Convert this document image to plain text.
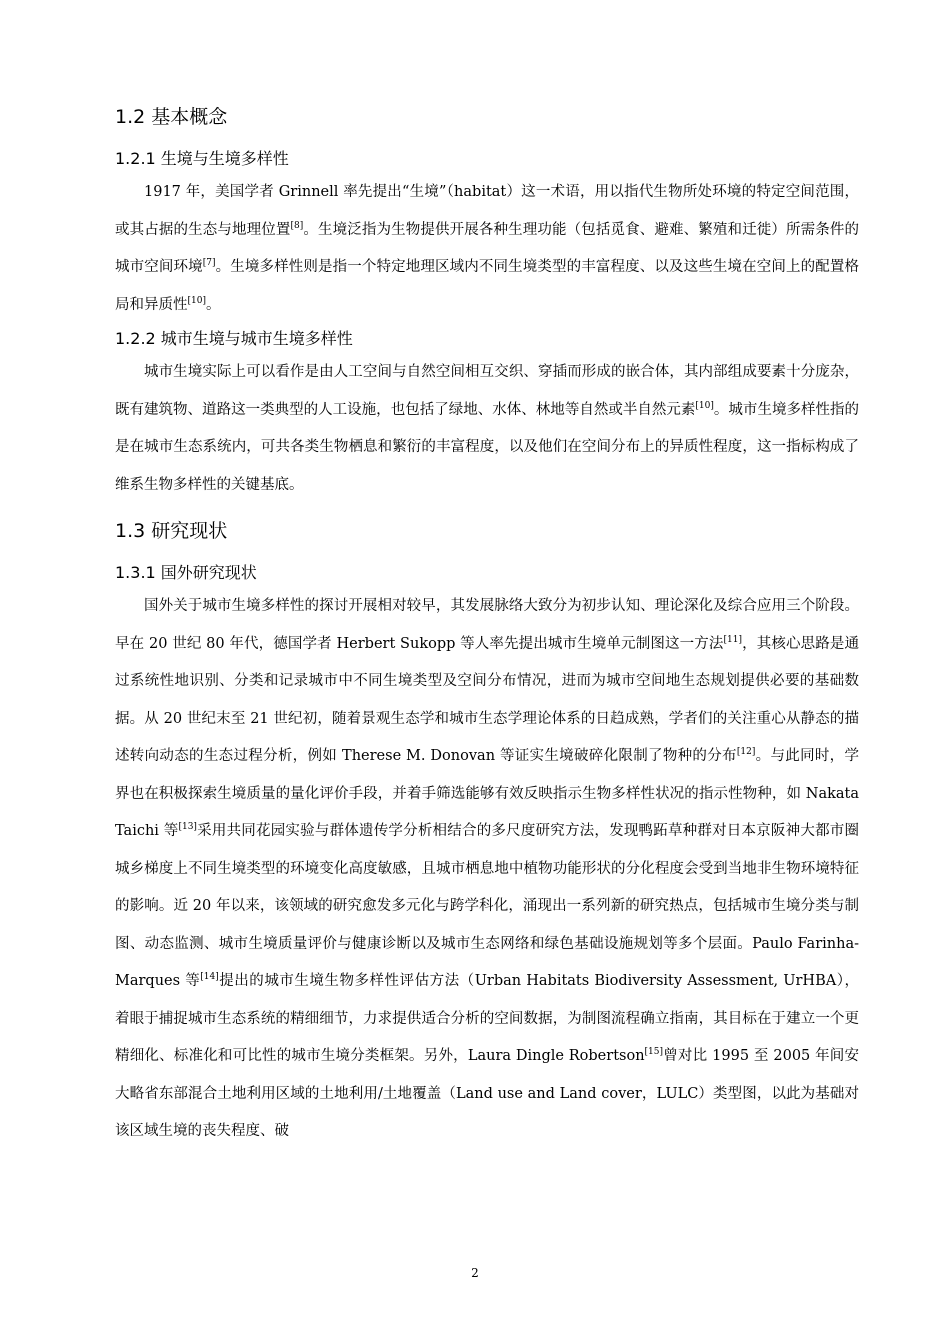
1.2 基本概念
1.2.1 生境与生境多样性

1917 年，美国学者 Grinnell 率先提出“生境”（habitat）这一术语，用以指代生物所处环境的特定空间范围，或其占据的生态与地理位置[8]。生境泛指为生物提供开展各种生理功能（包括觅食、避难、繁殖和迁徙）所需条件的城市空间环境[7]。生境多样性则是指一个特定地理区域内不同生境类型的丰富程度、以及这些生境在空间上的配置格局和异质性[10]。

1.2.2 城市生境与城市生境多样性

城市生境实际上可以看作是由人工空间与自然空间相互交织、穿插而形成的嵌合体，其内部组成要素十分庞杂，既有建筑物、道路这一类典型的人工设施，也包括了绿地、水体、林地等自然或半自然元素[10]。城市生境多样性指的是在城市生态系统内，可共各类生物栖息和繁衍的丰富程度，以及他们在空间分布上的异质性程度，这一指标构成了维系生物多样性的关键基底。

1.3 研究现状
1.3.1 国外研究现状

国外关于城市生境多样性的探讨开展相对较早，其发展脉络大致分为初步认知、理论深化及综合应用三个阶段。早在 20 世纪 80 年代，德国学者 Herbert Sukopp 等人率先提出城市生境单元制图这一方法[11]，其核心思路是通过系统性地识别、分类和记录城市中不同生境类型及空间分布情况，进而为城市空间地生态规划提供必要的基础数据。从 20 世纪末至 21 世纪初，随着景观生态学和城市生态学理论体系的日趋成熟，学者们的关注重心从静态的描述转向动态的生态过程分析，例如 Therese M. Donovan 等证实生境破碎化限制了物种的分布[12]。与此同时，学界也在积极探索生境质量的量化评价手段，并着手筛选能够有效反映指示生物多样性状况的指示性物种，如 Nakata Taichi 等[13]采用共同花园实验与群体遗传学分析相结合的多尺度研究方法，发现鸭跖草种群对日本京阪神大都市圈城乡梯度上不同生境类型的环境变化高度敏感，且城市栖息地中植物功能形状的分化程度会受到当地非生物环境特征的影响。近 20 年以来，该领域的研究愈发多元化与跨学科化，涌现出一系列新的研究热点，包括城市生境分类与制图、动态监测、城市生境质量评价与健康诊断以及城市生态网络和绿色基础设施规划等多个层面。Paulo Farinha-Marques 等[14]提出的城市生境生物多样性评估方法（Urban Habitats Biodiversity Assessment, UrHBA），着眼于捕捉城市生态系统的精细细节，力求提供适合分析的空间数据，为制图流程确立指南，其目标在于建立一个更精细化、标准化和可比性的城市生境分类框架。另外，Laura Dingle Robertson[15]曾对比 1995 至 2005 年间安大略省东部混合土地利用区域的土地利用/土地覆盖（Land use and Land cover，LULC）类型图，以此为基础对该区域生境的丧失程度、破

2
